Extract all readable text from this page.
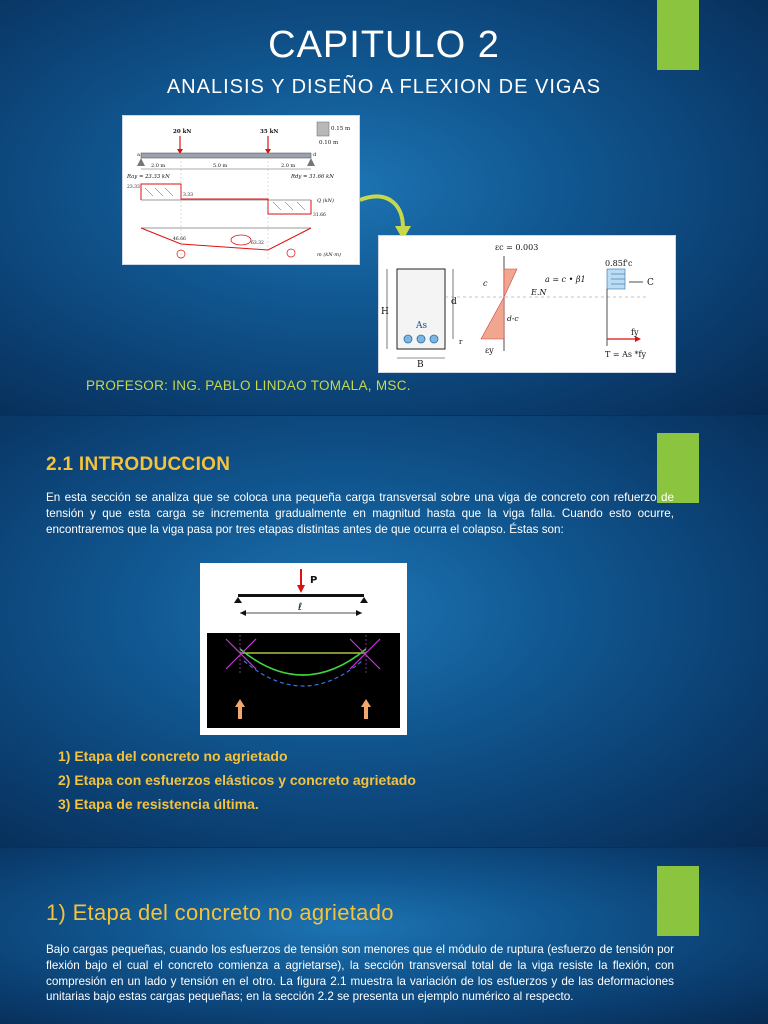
CAPITULO 2
ANALISIS Y DISEÑO A FLEXION DE VIGAS
0.15 m
0.10 m
20 kN	35 kN
d
a
2.0 m	5.0 m	2.0 m
Ray = 23.33 kN	Rdy = 31.66 kN
23.33
3.33
31.66
Q (kN)
46.66
63.32
m (kN·m)
As
H
B
d
r
εc = 0.003
c
d-c
εy
E.N
0.85f'c
a = c • β1	C
fy
T = As *fy
PROFESOR: ING. PABLO LINDAO TOMALA, MSC.
2.1 INTRODUCCION

En esta sección se analiza que se coloca una pequeña carga transversal sobre una viga de concreto con refuerzo de tensión y que esta carga se incrementa gradualmente en magnitud hasta que la viga falla. Cuando esto ocurre, encontraremos que la viga pasa por tres etapas distintas antes de que ocurra el colapso. Éstas son:

P
ℓ
1) Etapa del concreto no agrietado
2) Etapa con esfuerzos elásticos y concreto agrietado
3) Etapa de resistencia última.
1) Etapa del concreto no agrietado

Bajo cargas pequeñas, cuando los esfuerzos de tensión son menores que el módulo de ruptura (esfuerzo de tensión por flexión bajo el cual el concreto comienza a agrietarse), la sección transversal total de la viga resiste la flexión, con compresión en un lado y tensión en el otro. La figura 2.1 muestra la variación de los esfuerzos y de las deformaciones unitarias bajo estas cargas pequeñas; en la sección 2.2 se presenta un ejemplo numérico al respecto.
